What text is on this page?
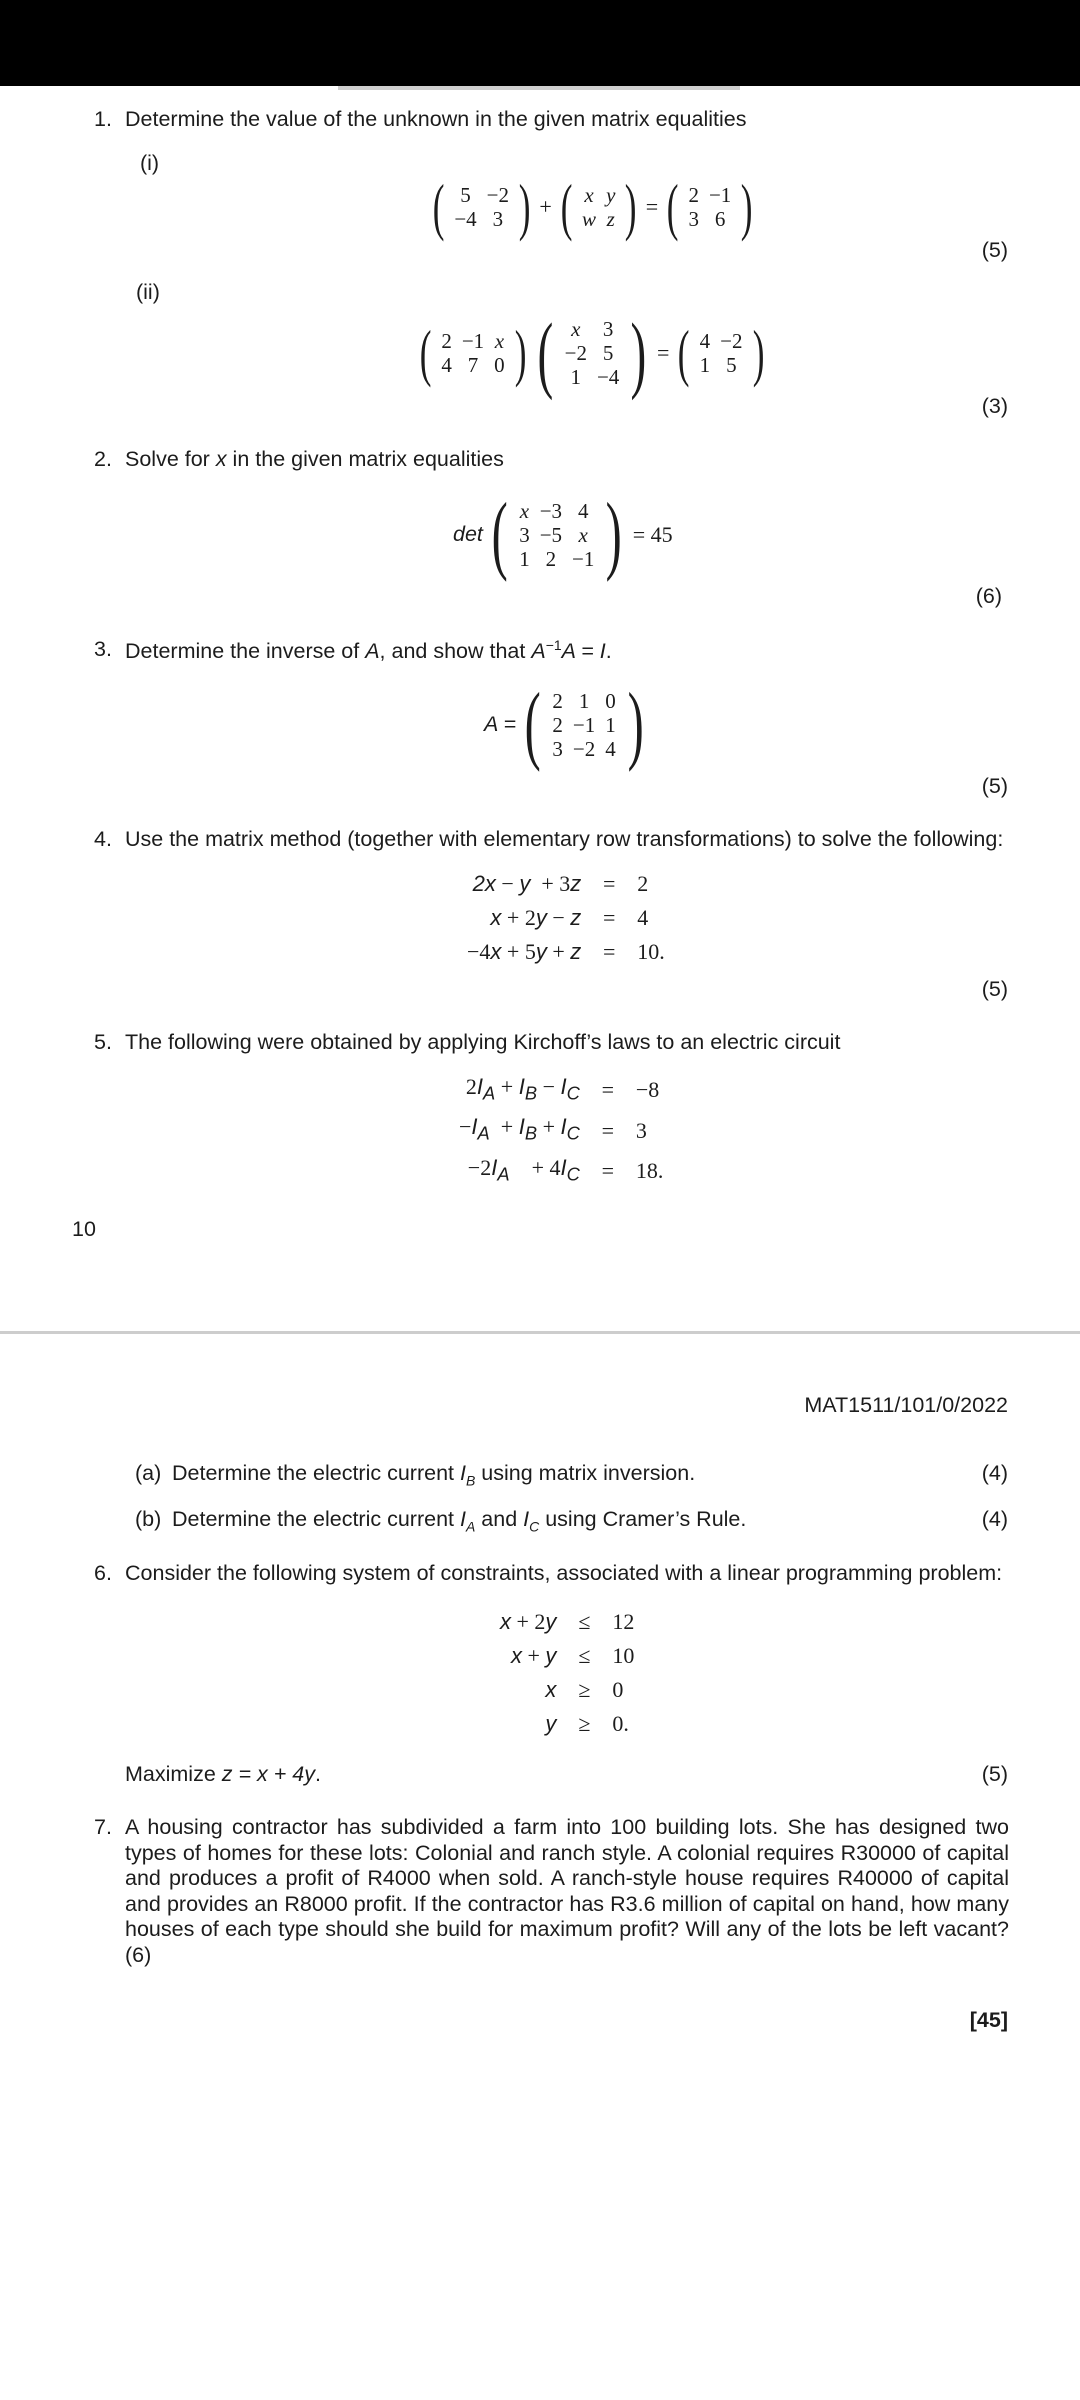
1. Determine the value of the unknown in the given matrix equalities
(i)
( 5	−2
−4	3 ) + ( x	y
w	z ) = ( 2	−1
3	6 )
(5)
(ii)
( 2	−1	x
4	7	0 ) ( x	3
−2	5
1	−4 ) = ( 4	−2
1	5 )
(3)
2. Solve for x in the given matrix equalities
det ( x	−3	4
3	−5	x
1	2	−1 ) = 45
(6)
3. Determine the inverse of A, and show that $A^{-1}A = I$.
A = ( 2	1	0
2	−1	1
3	−2	4 )
(5)
4. Use the matrix method (together with elementary row transformations) to solve the following:
2x − y  + 3z	=	2
x + 2y − z	=	4
−4x + 5y + z	=	10.
(5)
5. The following were obtained by applying Kirchoff’s laws to an electric circuit
$2I_A + I_B - I_C$	=	−8
$-I_A + I_B + I_C$	=	3
$-2I_A$    + $4I_C$	=	18.
10
MAT1511/101/0/2022
(a) Determine the electric current $I_B$ using matrix inversion.	(4)
(b) Determine the electric current $I_A$ and $I_C$ using Cramer’s Rule.	(4)
6. Consider the following system of constraints, associated with a linear programming problem:
x + 2y	≤	12
x + y	≤	10
x	≥	0
y	≥	0.
Maximize z = x + 4y.	(5)
7. A housing contractor has subdivided a farm into 100 building lots. She has designed two types of homes for these lots: Colonial and ranch style. A colonial requires R30000 of capital and produces a profit of R4000 when sold. A ranch-style house requires R40000 of capital and provides an R8000 profit. If the contractor has R3.6 million of capital on hand, how many houses of each type should she build for maximum profit? Will any of the lots be left vacant? (6)
[45]
